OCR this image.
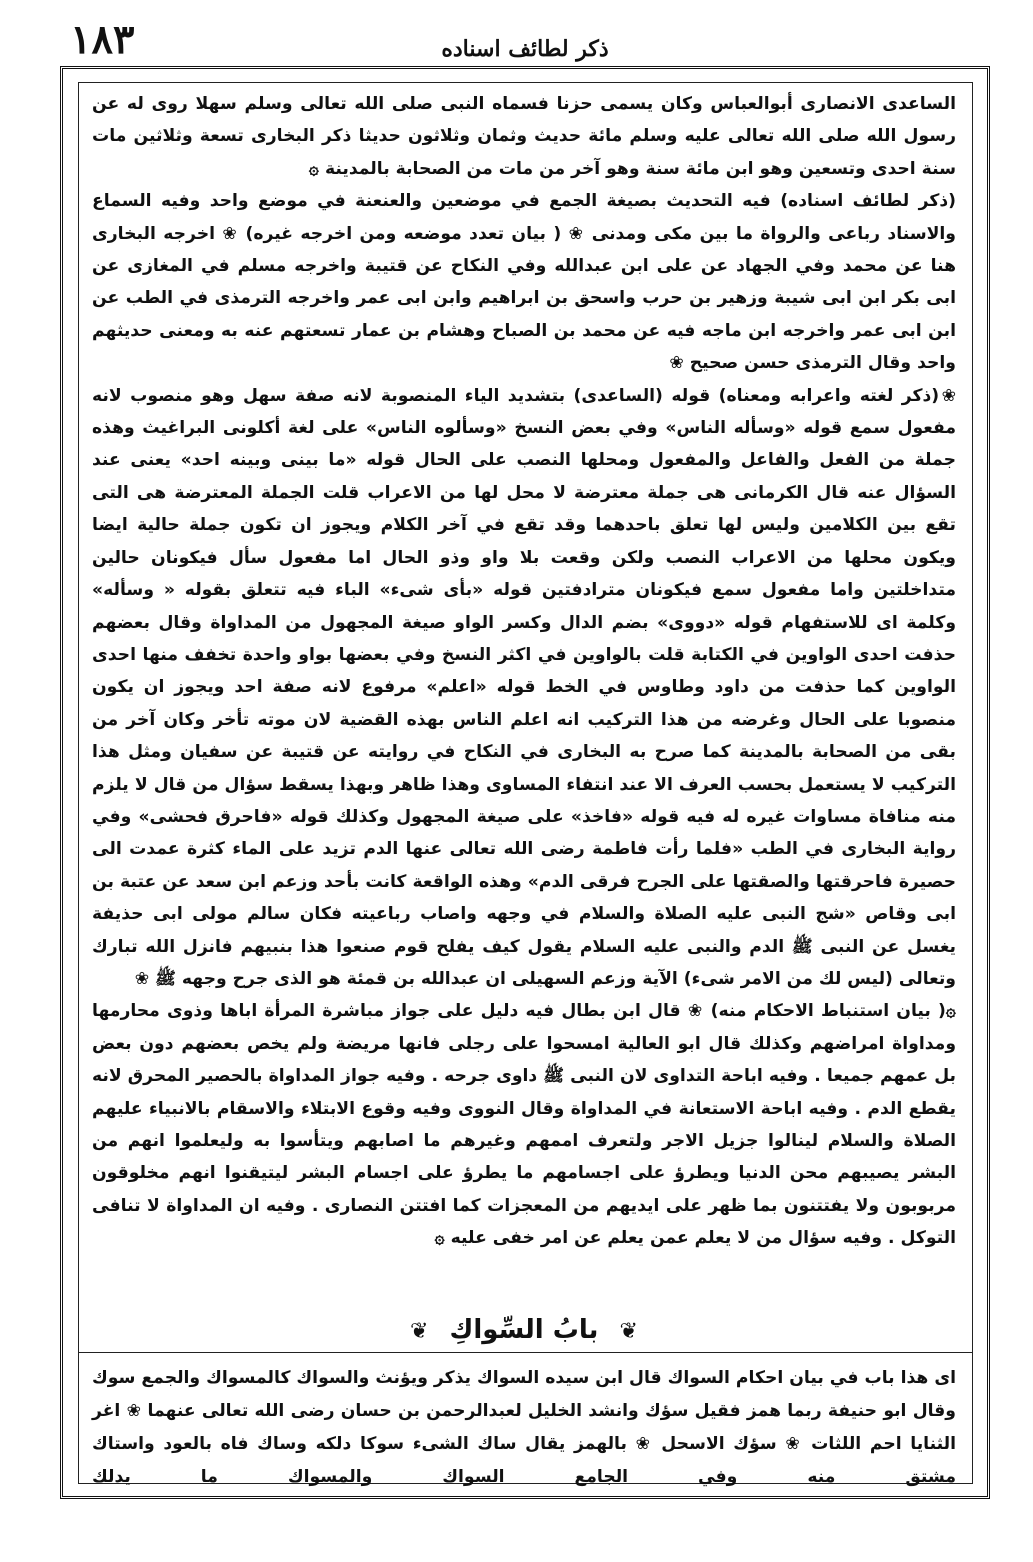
ذكر لطائف اسناده
١٨٣

الساعدى الانصارى أبوالعباس وكان يسمى حزنا فسماه النبى صلى الله تعالى وسلم سهلا روى له عن رسول الله صلى الله تعالى عليه وسلم مائة حديث وثمان وثلاثون حديثا ذكر البخارى تسعة وثلاثين مات سنة احدى وتسعين وهو ابن مائة سنة وهو آخر من مات من الصحابة بالمدينة ۞

(ذكر لطائف اسناده) فيه التحديث بصيغة الجمع في موضعين والعنعنة في موضع واحد وفيه السماع والاسناد رباعى والرواة ما بين مكى ومدنى ❀ ( بيان تعدد موضعه ومن اخرجه غيره) ❀ اخرجه البخارى هنا عن محمد وفي الجهاد عن على ابن عبدالله وفي النكاح عن قتيبة واخرجه مسلم في المغازى عن ابى بكر ابن ابى شيبة وزهير بن حرب واسحق بن ابراهيم وابن ابى عمر واخرجه الترمذى في الطب عن ابن ابى عمر واخرجه ابن ماجه فيه عن محمد بن الصباح وهشام بن عمار تسعتهم عنه به ومعنى حديثهم واحد وقال الترمذى حسن صحيح ❀

❀(ذكر لغته واعرابه ومعناه) قوله (الساعدى) بتشديد الياء المنصوبة لانه صفة سهل وهو منصوب لانه مفعول سمع قوله «وسأله الناس» وفي بعض النسخ «وسألوه الناس» على لغة أكلونى البراغيث وهذه جملة من الفعل والفاعل والمفعول ومحلها النصب على الحال قوله «ما بينى وبينه احد» يعنى عند السؤال عنه قال الكرمانى هى جملة معترضة لا محل لها من الاعراب قلت الجملة المعترضة هى التى تقع بين الكلامين وليس لها تعلق باحدهما وقد تقع في آخر الكلام ويجوز ان تكون جملة حالية ايضا ويكون محلها من الاعراب النصب ولكن وقعت بلا واو وذو الحال اما مفعول سأل فيكونان حالين متداخلتين واما مفعول سمع فيكونان مترادفتين قوله «بأى شىء» الباء فيه تتعلق بقوله « وسأله» وكلمة اى للاستفهام قوله «دووى» بضم الدال وكسر الواو صيغة المجهول من المداواة وقال بعضهم حذفت احدى الواوين في الكتابة قلت بالواوين في اكثر النسخ وفي بعضها بواو واحدة تخفف منها احدى الواوين كما حذفت من داود وطاوس في الخط قوله «اعلم» مرفوع لانه صفة احد ويجوز ان يكون منصوبا على الحال وغرضه من هذا التركيب انه اعلم الناس بهذه القضية لان موته تأخر وكان آخر من بقى من الصحابة بالمدينة كما صرح به البخارى في النكاح في روايته عن قتيبة عن سفيان ومثل هذا التركيب لا يستعمل بحسب العرف الا عند انتفاء المساوى وهذا ظاهر وبهذا يسقط سؤال من قال لا يلزم منه منافاة مساوات غيره له فيه قوله «فاخذ» على صيغة المجهول وكذلك قوله «فاحرق فحشى» وفي رواية البخارى في الطب «فلما رأت فاطمة رضى الله تعالى عنها الدم تزيد على الماء كثرة عمدت الى حصيرة فاحرقتها والصقتها على الجرح فرقى الدم» وهذه الواقعة كانت بأحد وزعم ابن سعد عن عتبة بن ابى وقاص «شج النبى عليه الصلاة والسلام في وجهه واصاب رباعيته فكان سالم مولى ابى حذيفة يغسل عن النبى ﷺ الدم والنبى عليه السلام يقول كيف يفلح قوم صنعوا هذا بنبيهم فانزل الله تبارك وتعالى (ليس لك من الامر شىء) الآية وزعم السهيلى ان عبدالله بن قمئة هو الذى جرح وجهه ﷺ ❀

۞( بيان استنباط الاحكام منه) ❀ قال ابن بطال فيه دليل على جواز مباشرة المرأة اباها وذوى محارمها ومداواة امراضهم وكذلك قال ابو العالية امسحوا على رجلى فانها مريضة ولم يخص بعضهم دون بعض بل عمهم جميعا . وفيه اباحة التداوى لان النبى ﷺ داوى جرحه . وفيه جواز المداواة بالحصير المحرق لانه يقطع الدم . وفيه اباحة الاستعانة في المداواة وقال النووى وفيه وقوع الابتلاء والاسقام بالانبياء عليهم الصلاة والسلام لينالوا جزيل الاجر ولتعرف اممهم وغيرهم ما اصابهم ويتأسوا به وليعلموا انهم من البشر يصيبهم محن الدنيا ويطرؤ على اجسامهم ما يطرؤ على اجسام البشر ليتيقنوا انهم مخلوقون مربوبون ولا يفتتنون بما ظهر على ايديهم من المعجزات كما افتتن النصارى . وفيه ان المداواة لا تنافى التوكل . وفيه سؤال من لا يعلم عمن يعلم عن امر خفى عليه ۞

❦ بابُ السِّواكِ ❦

اى هذا باب في بيان احكام السواك قال ابن سيده السواك يذكر ويؤنث والسواك كالمسواك والجمع سوك وقال ابو حنيفة ربما همز فقيل سؤك وانشد الخليل لعبدالرحمن بن حسان رضى الله تعالى عنهما ❀ اغر الثنايا احم اللثات ❀ سؤك الاسحل ❀ بالهمز يقال ساك الشىء سوكا دلكه وساك فاه بالعود واستاك مشتق منه وفي الجامع السواك والمسواك ما يدلك
